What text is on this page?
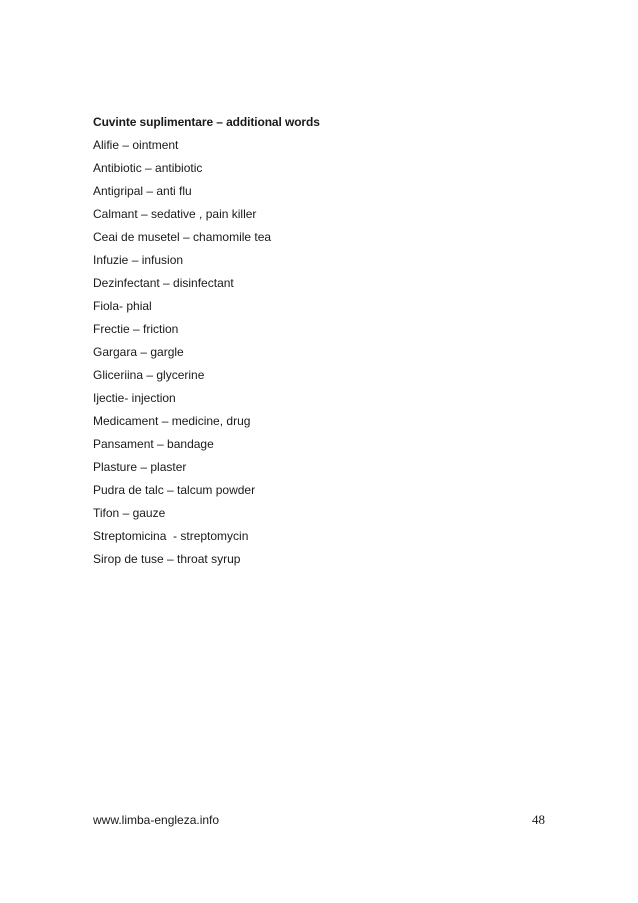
Cuvinte suplimentare – additional words
Alifie – ointment
Antibiotic – antibiotic
Antigripal – anti flu
Calmant – sedative , pain killer
Ceai de musetel – chamomile tea
Infuzie – infusion
Dezinfectant – disinfectant
Fiola- phial
Frectie – friction
Gargara – gargle
Gliceriina – glycerine
Ijectie- injection
Medicament – medicine, drug
Pansament – bandage
Plasture – plaster
Pudra de talc – talcum powder
Tifon – gauze
Streptomicina  - streptomycin
Sirop de tuse – throat syrup
www.limba-engleza.info	48
